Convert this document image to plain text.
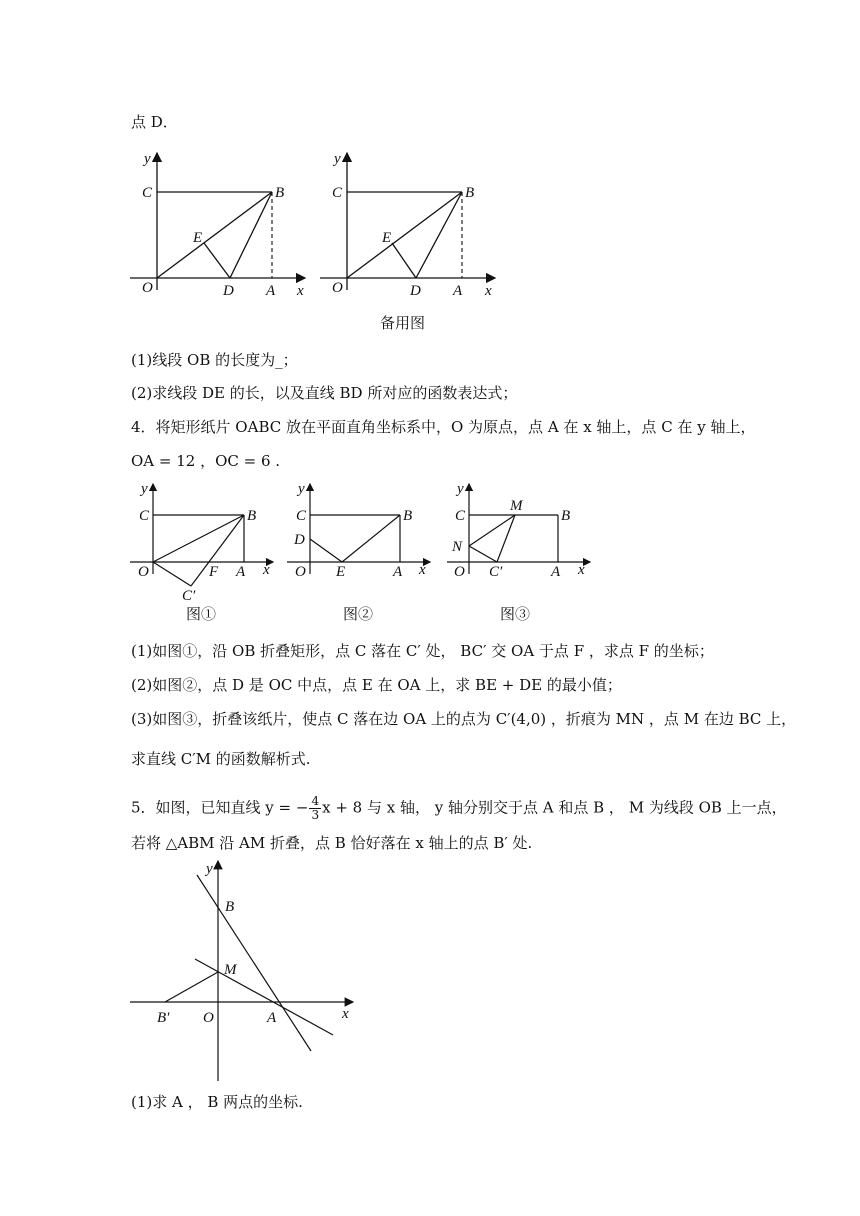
点 D．
y
C	B
E
O	D A x
y
C	B
E
O	D A x
备用图
(1)线段 OB 的长度为_；
(2)求线段 DE 的长，以及直线 BD 所对应的函数表达式；
4．将矩形纸片 OABC 放在平面直角坐标系中，O 为原点，点 A 在 x 轴上，点 C 在 y 轴上，
OA = 12 ，OC = 6 .
y
C	B
O	F A x
C′
图①
y
C	B
D
O E	A x
图②
y
C
M
B
N
O C′	A x
图③
(1)如图①，沿 OB 折叠矩形，点 C 落在 C′ 处， BC′ 交 OA 于点 F ，求点 F 的坐标；
(2)如图②，点 D 是 OC 中点，点 E 在 OA 上，求 BE + DE 的最小值；
(3)如图③，折叠该纸片，使点 C 落在边 OA 上的点为 C′(4,0) ，折痕为 MN ，点 M 在边 BC 上，
求直线 C′M 的函数解析式.
5．如图，已知直线 y = − $\frac{4}{3}$ x + 8 与 x 轴， y 轴分别交于点 A 和点 B ， M 为线段 OB 上一点，
若将 △ABM 沿 AM 折叠，点 B 恰好落在 x 轴上的点 B′ 处.
y
B
M
B′ O	A	x
(1)求 A ， B 两点的坐标.
